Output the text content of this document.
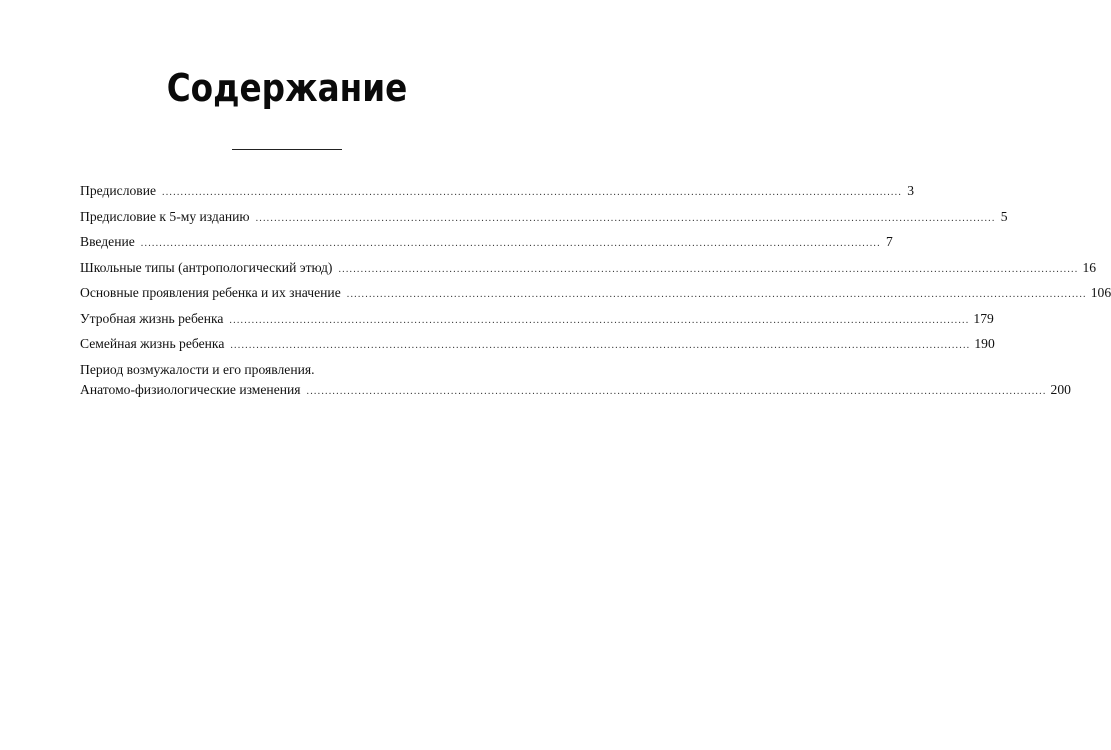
Содержание
Предисловие ........................................................................................................................................................................................................ 3
Предисловие к 5-му изданию ........................................................................................................................................................................................................ 5
Введение ........................................................................................................................................................................................................ 7
Школьные типы (антропологический этюд) ........................................................................................................................................................................................................ 16
Основные проявления ребенка и их значение ........................................................................................................................................................................................................ 106
Утробная жизнь ребенка ........................................................................................................................................................................................................ 179
Семейная жизнь ребенка ........................................................................................................................................................................................................ 190
Период возмужалости и его проявления.
Анатомо-физиологические изменения ........................................................................................................................................................................................................ 200
